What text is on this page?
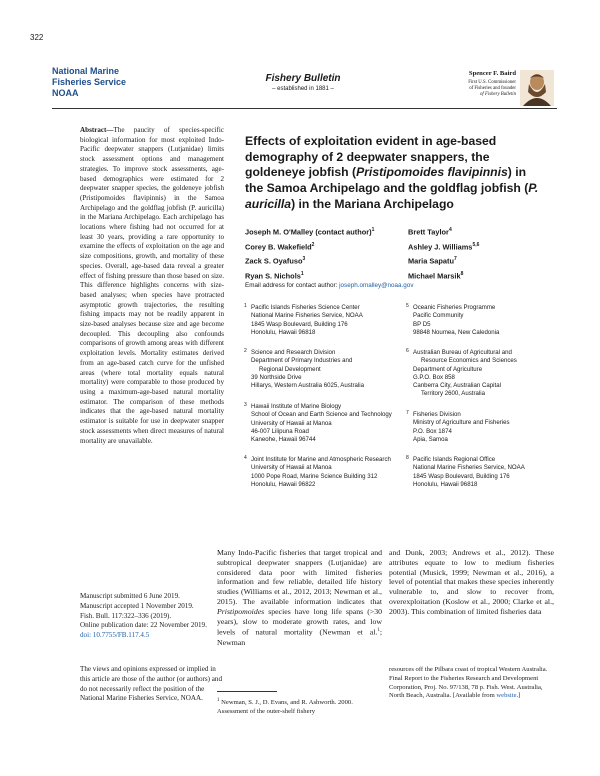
322
National Marine
Fisheries Service
NOAA
Fishery Bulletin
– established in 1881 –
Spencer F. Baird
First U.S. Commissioner
of Fisheries and founder
of Fishery Bulletin
Abstract—The paucity of species-specific biological information for most exploited Indo-Pacific deepwater snappers (Lutjanidae) limits stock assessment options and management strategies. To improve stock assessments, age-based demographics were estimated for 2 deepwater snapper species, the goldeneye jobfish (Pristipomoides flavipinnis) in the Samoa Archipelago and the goldflag jobfish (P. auricilla) in the Mariana Archipelago. Each archipelago has locations where fishing had not occurred for at least 30 years, providing a rare opportunity to examine the effects of exploitation on the age and size compositions, growth, and mortality of these species. Overall, age-based data reveal a greater effect of fishing pressure than those based on size. This difference highlights concerns with size-based analyses; when species have protracted asymptotic growth trajectories, the resulting fishing impacts may not be readily apparent in size-based analyses because size and age become decoupled. This decoupling also confounds comparisons of growth among areas with different exploitation levels. Mortality estimates derived from an age-based catch curve for the unfished areas (where total mortality equals natural mortality) were comparable to those produced by using a maximum-age-based natural mortality estimator. The comparison of these methods indicates that the age-based natural mortality estimator is suitable for use in deepwater snapper stock assessments when direct measures of natural mortality are unavailable.
Manuscript submitted 6 June 2019.
Manuscript accepted 1 November 2019.
Fish. Bull. 117:322–336 (2019).
Online publication date: 22 November 2019.
doi: 10.7755/FB.117.4.5
The views and opinions expressed or implied in this article are those of the author (or authors) and do not necessarily reflect the position of the National Marine Fisheries Service, NOAA.
Effects of exploitation evident in age-based demography of 2 deepwater snappers, the goldeneye jobfish (Pristipomoides flavipinnis) in the Samoa Archipelago and the goldflag jobfish (P. auricilla) in the Mariana Archipelago
Joseph M. O'Malley (contact author)$^1$
Corey B. Wakefield$^2$
Zack S. Oyafuso$^3$
Ryan S. Nichols$^1$
Brett Taylor$^4$
Ashley J. Williams$^{5,6}$
Maria Sapatu$^7$
Michael Marsik$^8$
Email address for contact author: joseph.omalley@noaa.gov
1 Pacific Islands Fisheries Science Center
National Marine Fisheries Service, NOAA
1845 Wasp Boulevard, Building 176
Honolulu, Hawaii 96818
2 Science and Research Division
Department of Primary Industries and
Regional Development
39 Northside Drive
Hillarys, Western Australia 6025, Australia
3 Hawaii Institute of Marine Biology
School of Ocean and Earth Science and Technology
University of Hawaii at Manoa
46-007 Lilipuna Road
Kaneohe, Hawaii 96744
4 Joint Institute for Marine and Atmospheric Research
University of Hawaii at Manoa
1000 Pope Road, Marine Science Building 312
Honolulu, Hawaii 96822
5 Oceanic Fisheries Programme
Pacific Community
BP D5
98848 Noumea, New Caledonia
6 Australian Bureau of Agricultural and
Resource Economics and Sciences
Department of Agriculture
G.P.O. Box 858
Canberra City, Australian Capital
Territory 2600, Australia
7 Fisheries Division
Ministry of Agriculture and Fisheries
P.O. Box 1874
Apia, Samoa
8 Pacific Islands Regional Office
National Marine Fisheries Service, NOAA
1845 Wasp Boulevard, Building 176
Honolulu, Hawaii 96818
Many Indo-Pacific fisheries that target tropical and subtropical deepwater snappers (Lutjanidae) are considered data poor with limited fisheries information and few reliable, detailed life history studies (Williams et al., 2012, 2013; Newman et al., 2015). The available information indicates that Pristipomoides species have long life spans (>30 years), slow to moderate growth rates, and low levels of natural mortality (Newman et al.$^1$; Newman
and Dunk, 2003; Andrews et al., 2012). These attributes equate to low to medium fisheries potential (Musick, 1999; Newman et al., 2016), a level of potential that makes these species inherently vulnerable to, and slow to recover from, overexploitation (Koslow et al., 2000; Clarke et al., 2003). This combination of limited fisheries data
$^1$ Newman, S. J., D. Evans, and R. Ashworth. 2000. Assessment of the outer-shelf fishery
resources off the Pilbara coast of tropical Western Australia. Final Report to the Fisheries Research and Development Corporation, Proj. No. 97/138, 78 p. Fish. West. Australia, North Beach, Australia. [Available from website.]
